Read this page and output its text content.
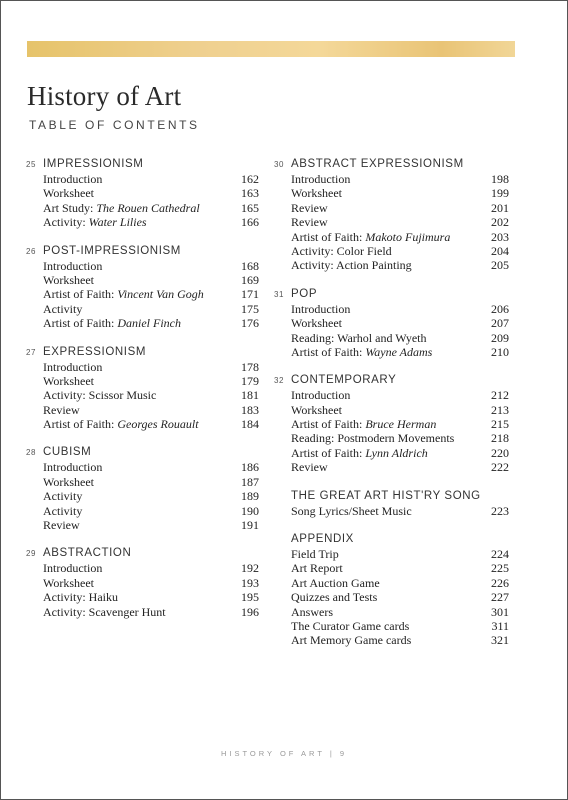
History of Art
TABLE OF CONTENTS
25 IMPRESSIONISM
Introduction	162
Worksheet	163
Art Study: The Rouen Cathedral	165
Activity: Water Lilies	166
26 POST-IMPRESSIONISM
Introduction	168
Worksheet	169
Artist of Faith: Vincent Van Gogh	171
Activity	175
Artist of Faith: Daniel Finch	176
27 EXPRESSIONISM
Introduction	178
Worksheet	179
Activity: Scissor Music	181
Review	183
Artist of Faith: Georges Rouault	184
28 CUBISM
Introduction	186
Worksheet	187
Activity	189
Activity	190
Review	191
29 ABSTRACTION
Introduction	192
Worksheet	193
Activity: Haiku	195
Activity: Scavenger Hunt	196
30 ABSTRACT EXPRESSIONISM
Introduction	198
Worksheet	199
Review	201
Review	202
Artist of Faith: Makoto Fujimura	203
Activity: Color Field	204
Activity: Action Painting	205
31 POP
Introduction	206
Worksheet	207
Reading: Warhol and Wyeth	209
Artist of Faith: Wayne Adams	210
32 CONTEMPORARY
Introduction	212
Worksheet	213
Artist of Faith: Bruce Herman	215
Reading: Postmodern Movements	218
Artist of Faith: Lynn Aldrich	220
Review	222
THE GREAT ART HIST'RY SONG
Song Lyrics/Sheet Music	223
APPENDIX
Field Trip	224
Art Report	225
Art Auction Game	226
Quizzes and Tests	227
Answers	301
The Curator Game cards	311
Art Memory Game cards	321
HISTORY OF ART | 9
